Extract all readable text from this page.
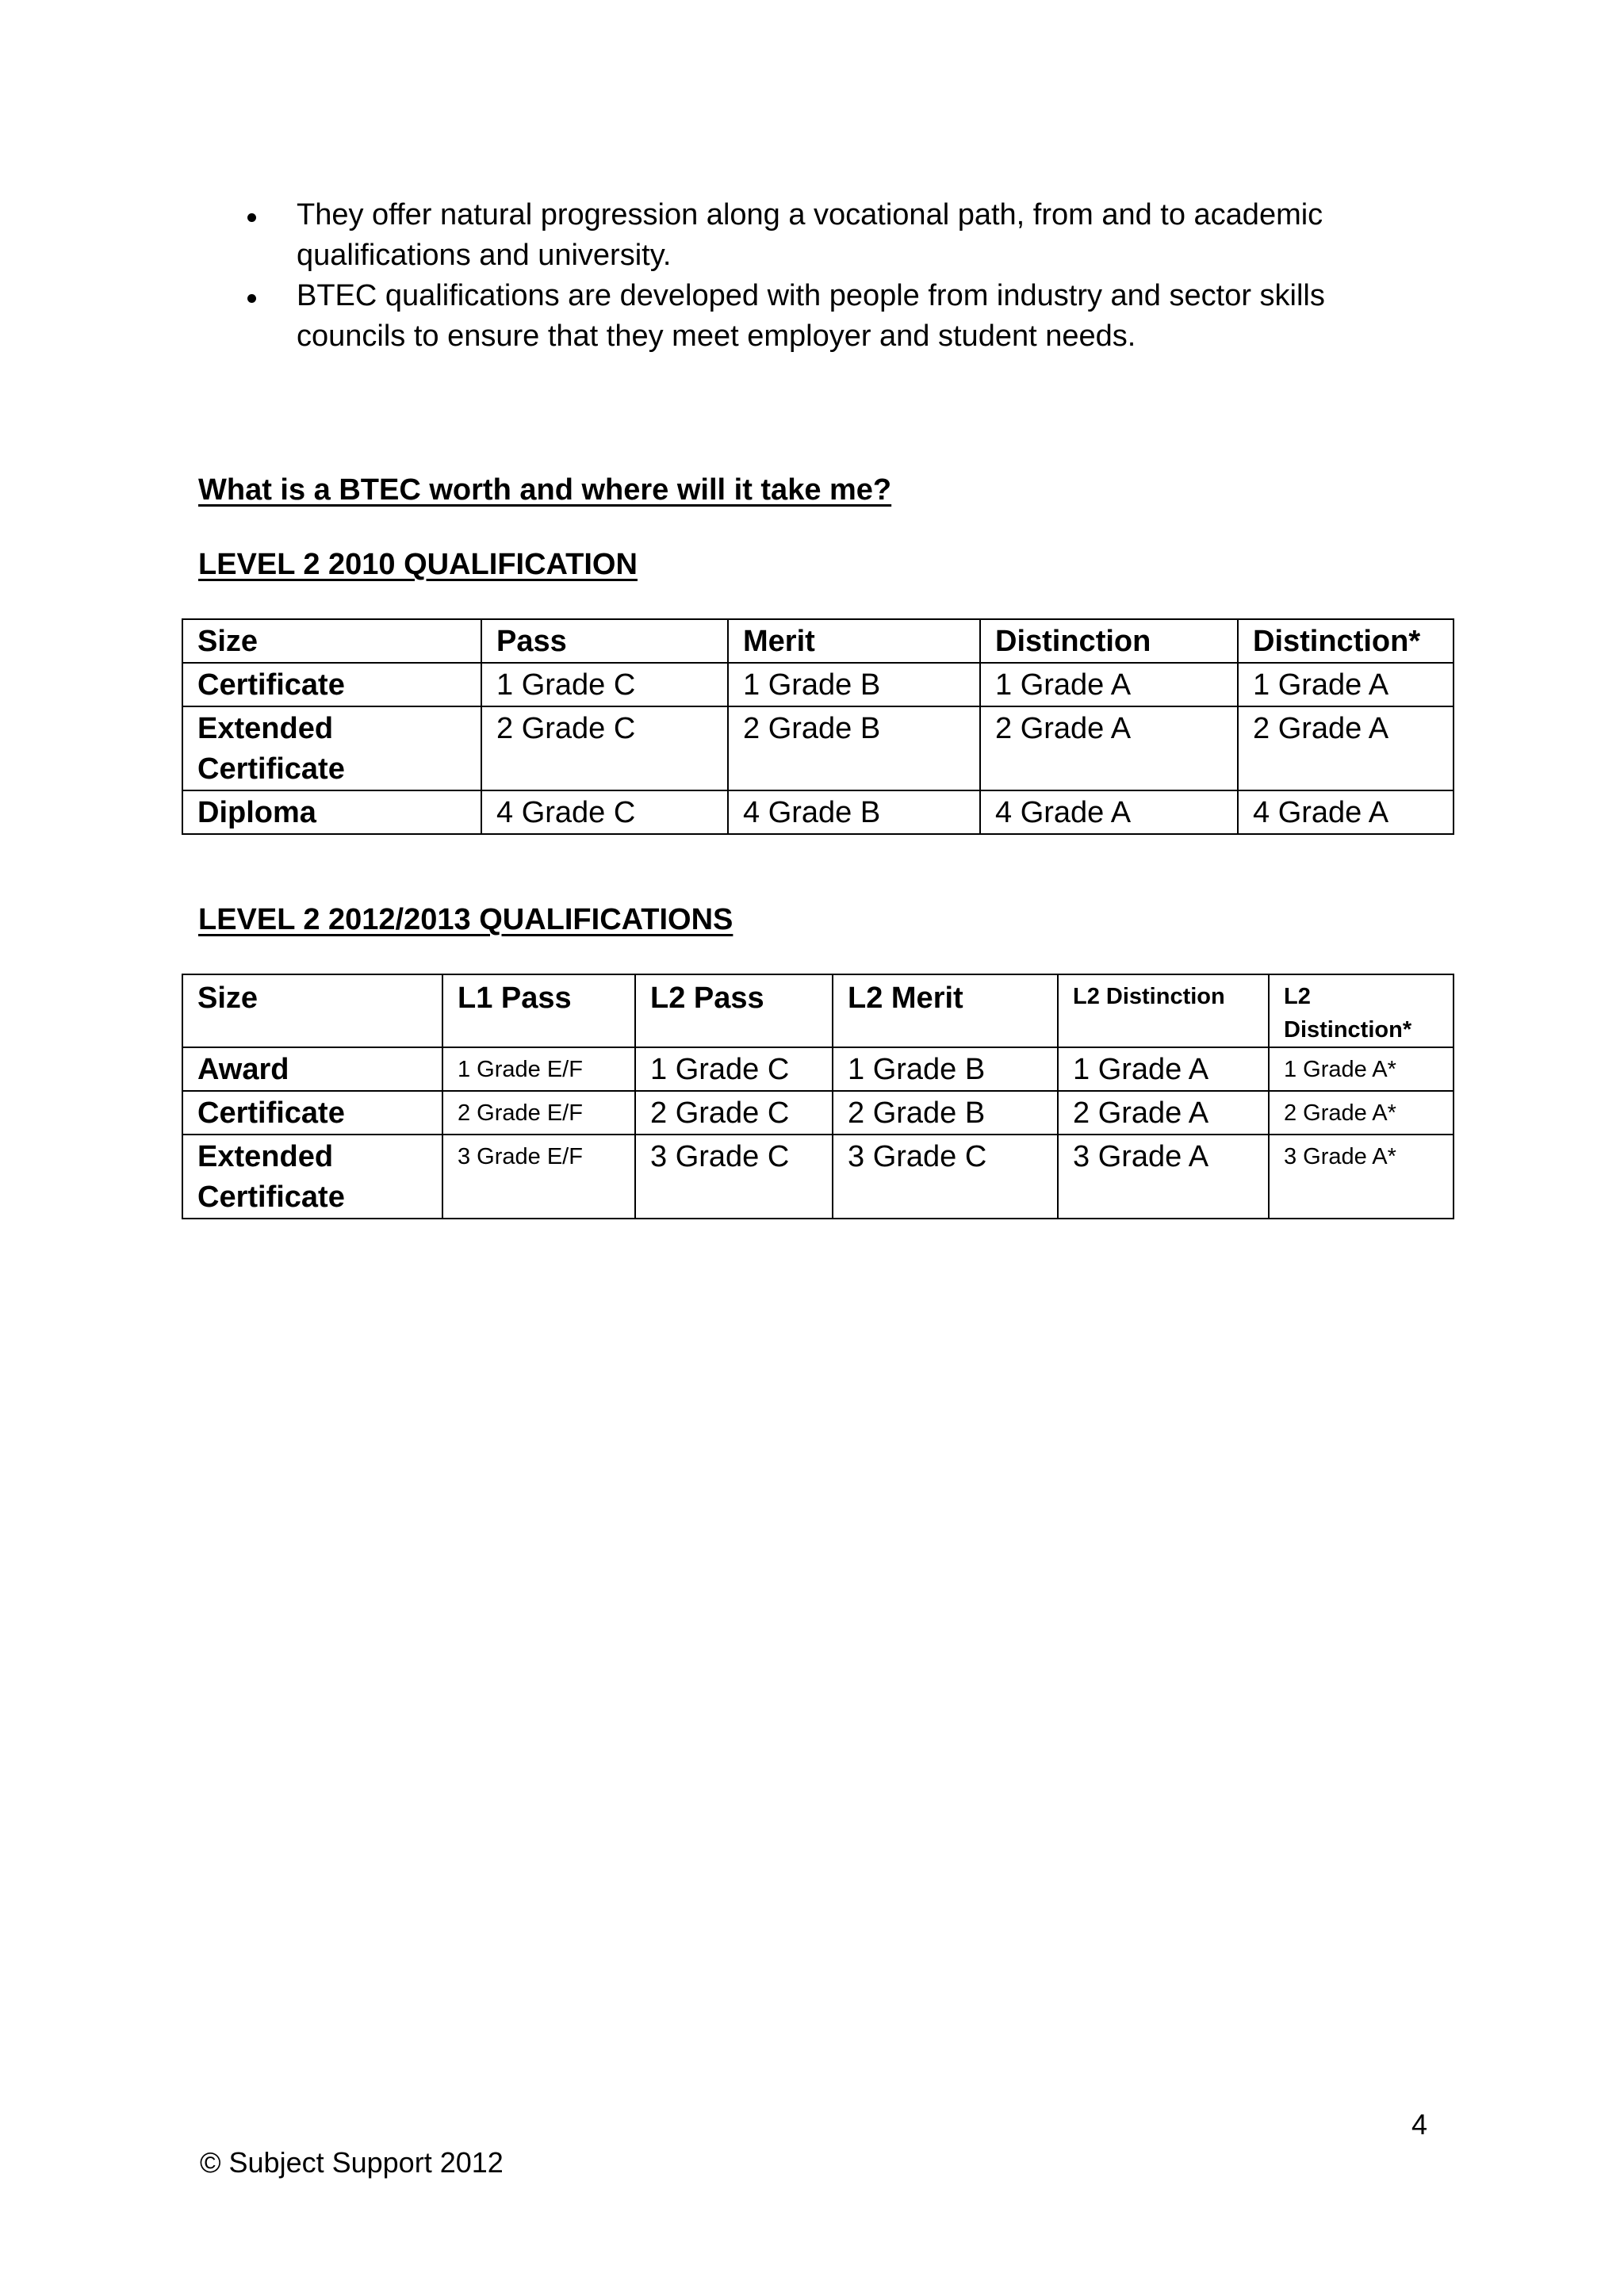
They offer natural progression along a vocational path, from and to academic qualifications and university.
BTEC qualifications are developed with people from industry and sector skills councils to ensure that they meet employer and student needs.
What is a BTEC worth and where will it take me?
LEVEL 2 2010 QUALIFICATION
Size	Pass	Merit	Distinction	Distinction*
Certificate	1 Grade C	1 Grade B	1 Grade A	1 Grade A
Extended Certificate	2 Grade C	2 Grade B	2 Grade A	2 Grade A
Diploma	4 Grade C	4 Grade B	4 Grade A	4 Grade A
LEVEL 2 2012/2013 QUALIFICATIONS
Size	L1 Pass	L2 Pass	L2 Merit	L2 Distinction	L2 Distinction*
Award	1 Grade E/F	1 Grade C	1 Grade B	1 Grade A	1 Grade A*
Certificate	2 Grade E/F	2 Grade C	2 Grade B	2 Grade A	2 Grade A*
Extended Certificate	3 Grade E/F	3 Grade C	3 Grade C	3 Grade A	3 Grade A*
4
© Subject Support 2012
